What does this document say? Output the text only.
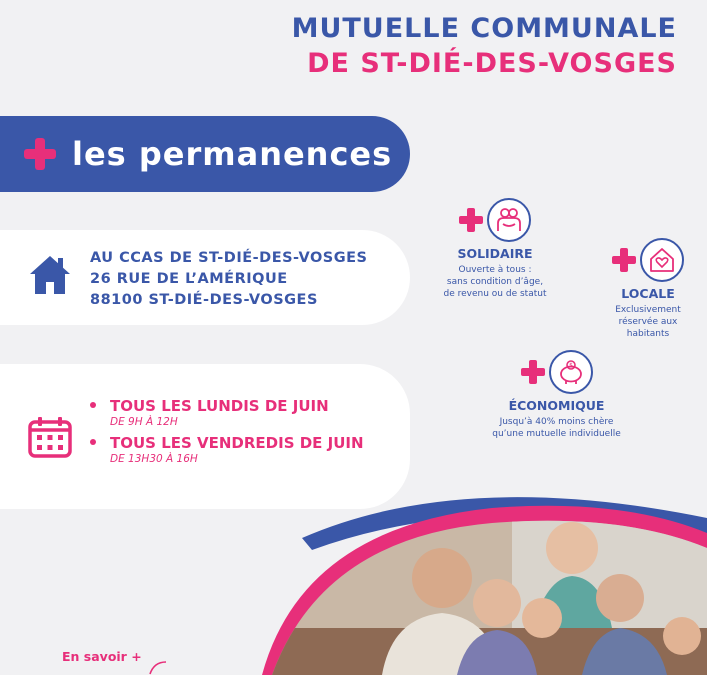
MUTUELLE COMMUNALE
DE ST-DIÉ-DES-VOSGES
les permanences
AU CCAS DE ST-DIÉ-DES-VOSGES
26 RUE DE L’AMÉRIQUE
88100 ST-DIÉ-DES-VOSGES
TOUS LES LUNDIS DE JUIN
DE 9H À 12H
TOUS LES VENDREDIS DE JUIN
DE 13H30 À 16H
SOLIDAIRE
Ouverte à tous :
sans condition d’âge,
de revenu ou de statut	LOCALE
Exclusivement
réservée aux
habitants
$
ÉCONOMIQUE
Jusqu’à 40% moins chère
qu’une mutuelle individuelle
En savoir +
